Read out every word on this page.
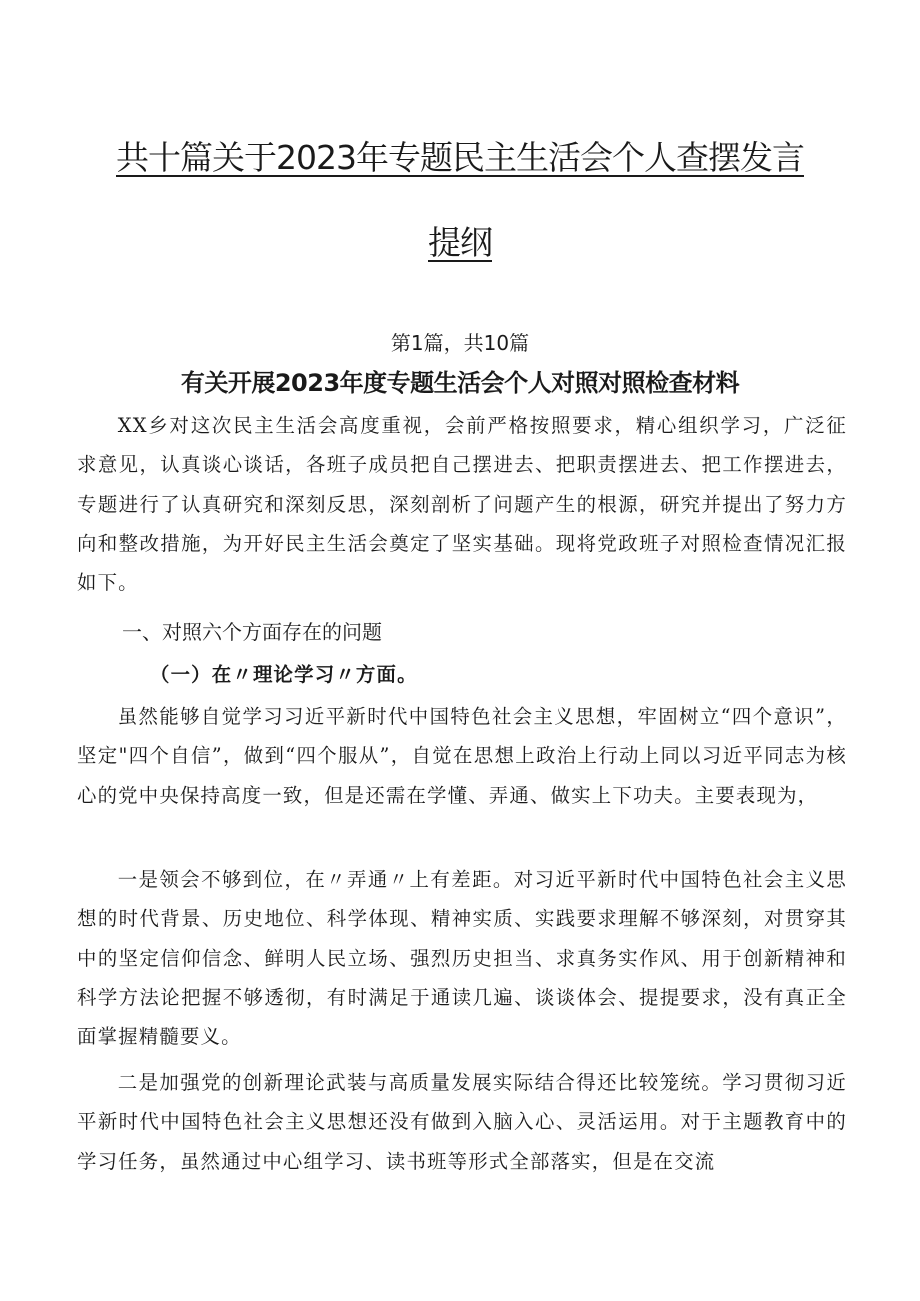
共十篇关于2023年专题民主生活会个人查摆发言
提纲
第1篇，共10篇
有关开展2023年度专题生活会个人对照对照检查材料

XX乡对这次民主生活会高度重视，会前严格按照要求，精心组织学习，广泛征求意见，认真谈心谈话，各班子成员把自己摆进去、把职责摆进去、把工作摆进去，专题进行了认真研究和深刻反思，深刻剖析了问题产生的根源，研究并提出了努力方向和整改措施，为开好民主生活会奠定了坚实基础。现将党政班子对照检查情况汇报如下。

一、对照六个方面存在的问题
（一）在〃理论学习〃方面。

虽然能够自觉学习习近平新时代中国特色社会主义思想，牢固树立“四个意识”，坚定"四个自信”，做到“四个服从”，自觉在思想上政治上行动上同以习近平同志为核心的党中央保持高度一致，但是还需在学懂、弄通、做实上下功夫。主要表现为，

一是领会不够到位，在〃弄通〃上有差距。对习近平新时代中国特色社会主义思想的时代背景、历史地位、科学体现、精神实质、实践要求理解不够深刻，对贯穿其中的坚定信仰信念、鲜明人民立场、强烈历史担当、求真务实作风、用于创新精神和科学方法论把握不够透彻，有时满足于通读几遍、谈谈体会、提提要求，没有真正全面掌握精髓要义。

二是加强党的创新理论武装与高质量发展实际结合得还比较笼统。学习贯彻习近平新时代中国特色社会主义思想还没有做到入脑入心、灵活运用。对于主题教育中的学习任务，虽然通过中心组学习、读书班等形式全部落实，但是在交流
